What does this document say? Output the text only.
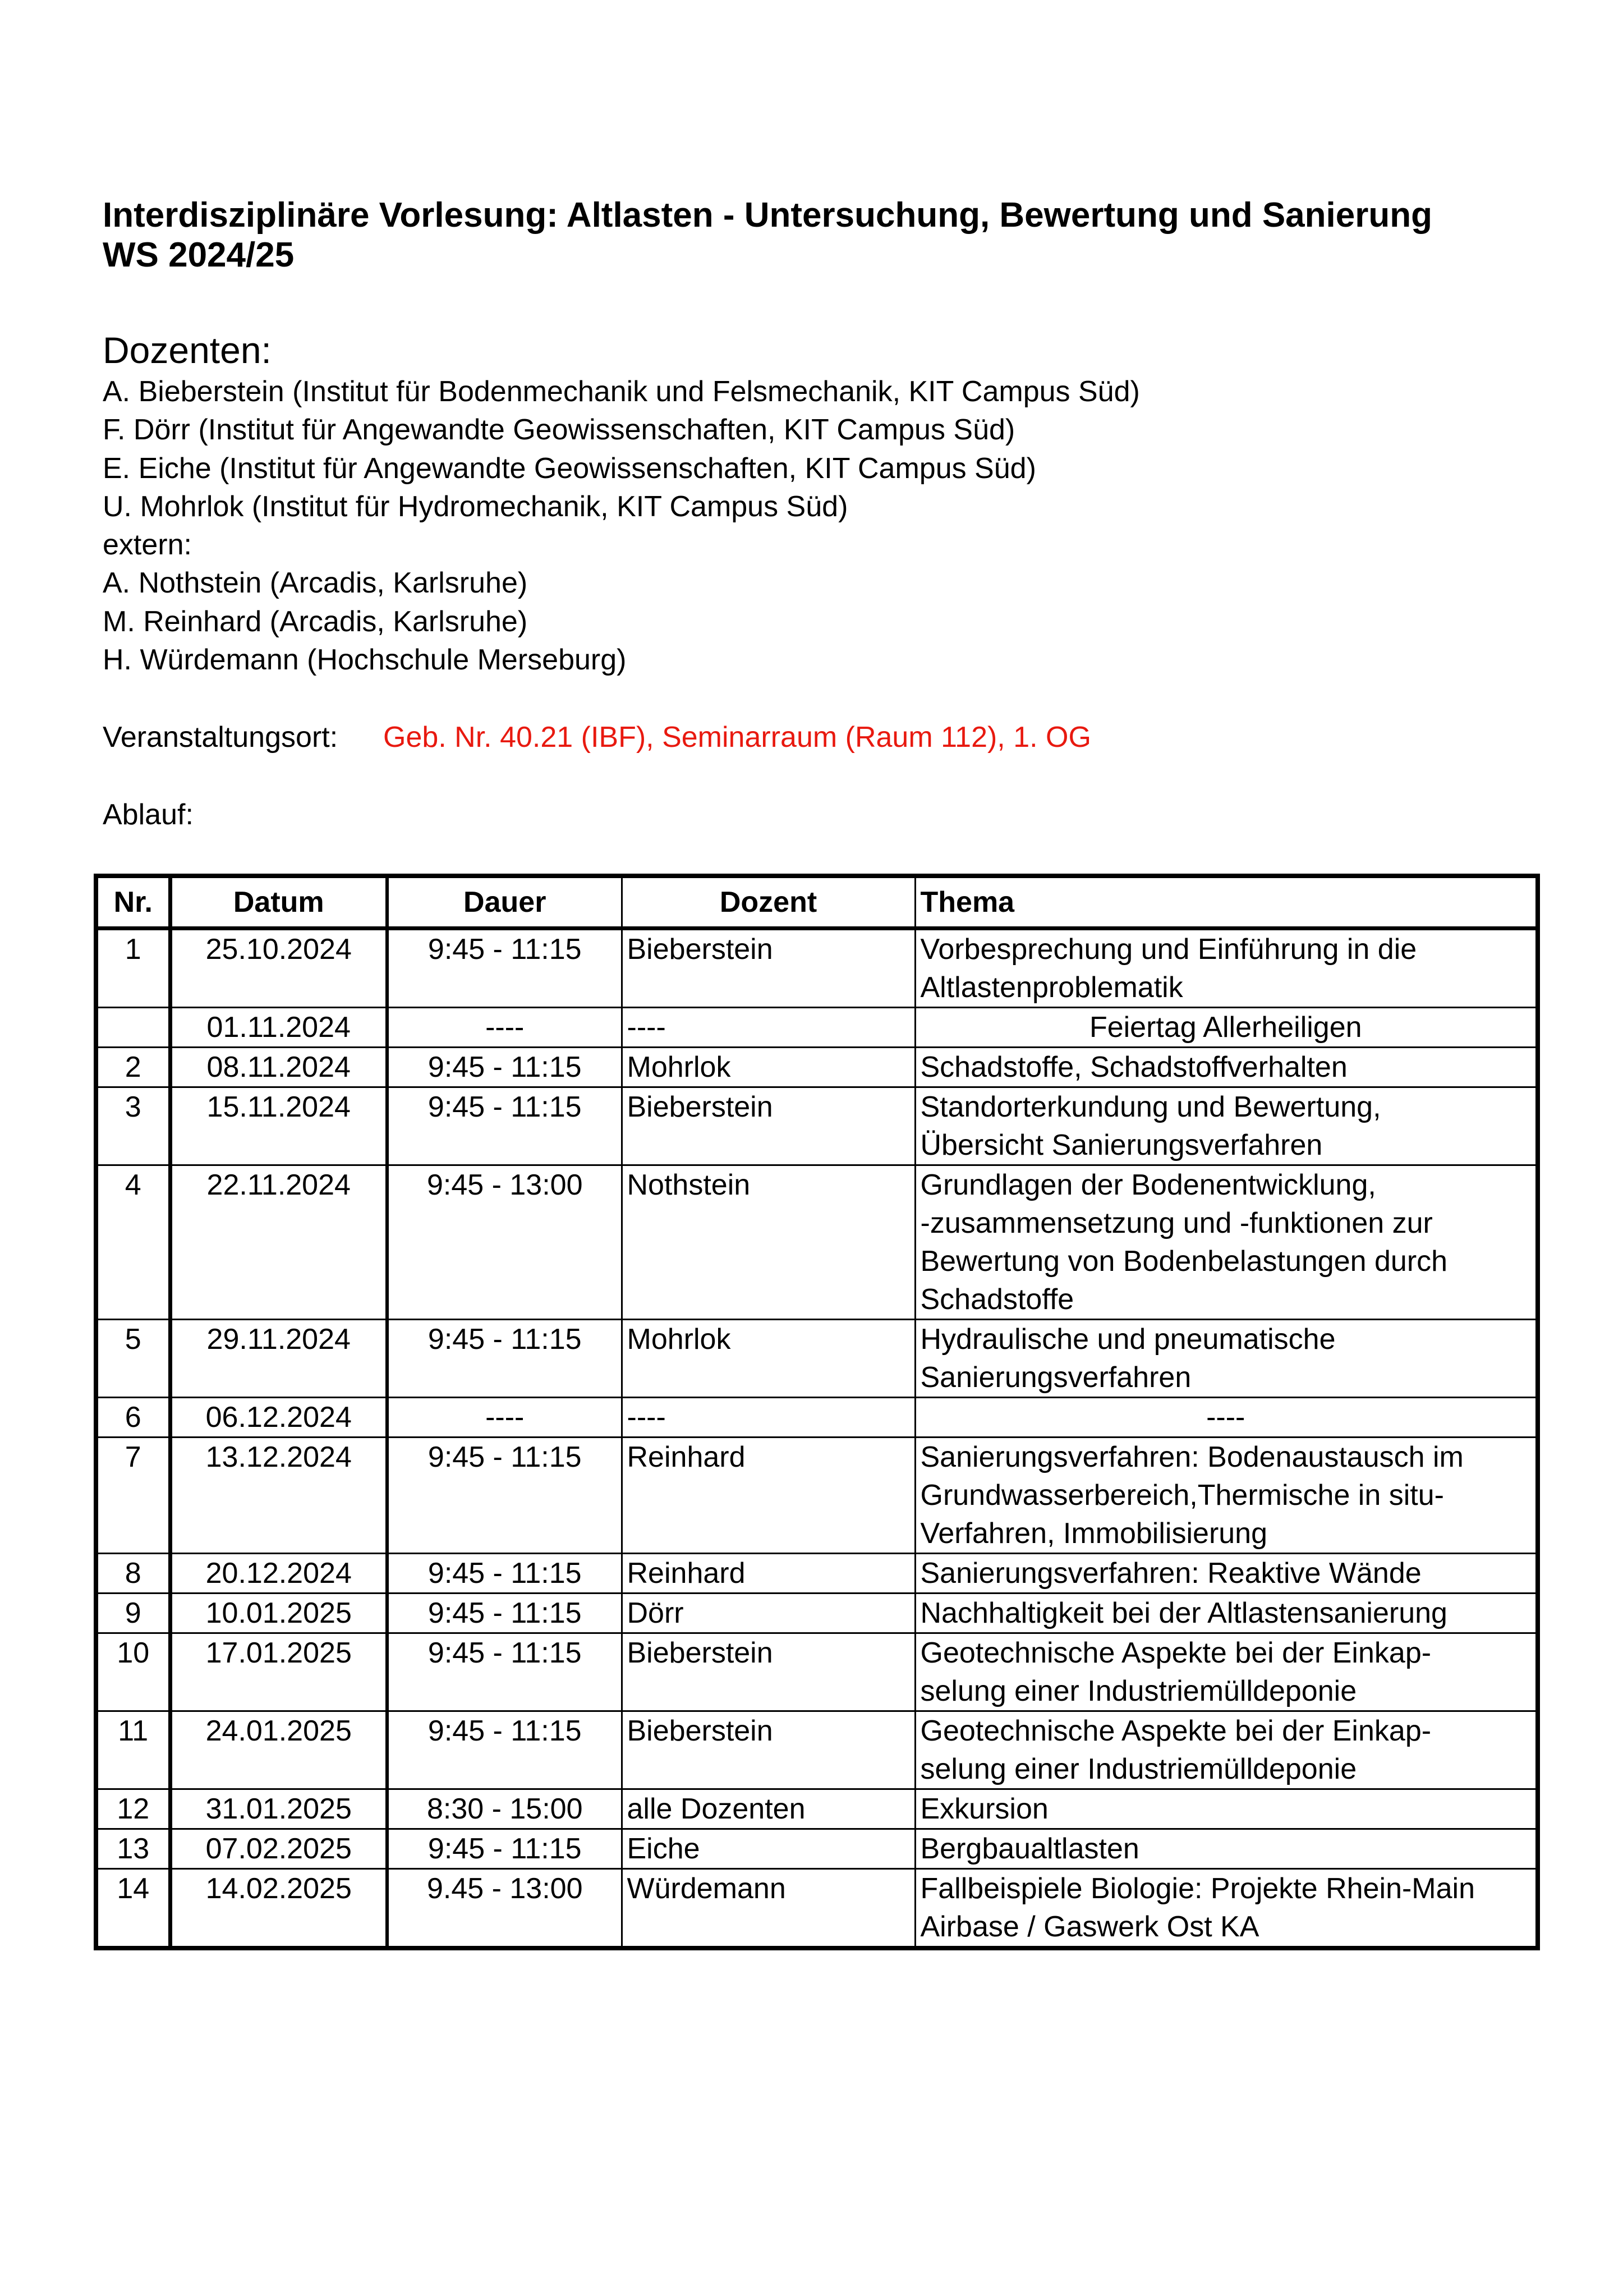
Interdisziplinäre Vorlesung: Altlasten - Untersuchung, Bewertung und Sanierung
WS 2024/25
Dozenten:
A. Bieberstein (Institut für Bodenmechanik und Felsmechanik, KIT Campus Süd)
F. Dörr (Institut für Angewandte Geowissenschaften, KIT Campus Süd)
E. Eiche (Institut für Angewandte Geowissenschaften, KIT Campus Süd)
U. Mohrlok (Institut für Hydromechanik, KIT Campus Süd)
extern:
A. Nothstein (Arcadis, Karlsruhe)
M. Reinhard (Arcadis, Karlsruhe)
H. Würdemann (Hochschule Merseburg)
Veranstaltungsort: Geb. Nr. 40.21 (IBF), Seminarraum (Raum 112), 1. OG
Ablauf:
Nr.	Datum	Dauer	Dozent	Thema
1	25.10.2024	9:45 - 11:15	Bieberstein	Vorbesprechung und Einführung in die
Altlastenproblematik

	01.11.2024	----	----	Feiertag Allerheiligen

2	08.11.2024	9:45 - 11:15	Mohrlok	Schadstoffe, Schadstoffverhalten

3	15.11.2024	9:45 - 11:15	Bieberstein	Standorterkundung und Bewertung,
Übersicht Sanierungsverfahren

4	22.11.2024	9:45 - 13:00	Nothstein	Grundlagen der Bodenentwicklung,
-zusammensetzung und -funktionen zur
Bewertung von Bodenbelastungen durch
Schadstoffe

5	29.11.2024	9:45 - 11:15	Mohrlok	Hydraulische und pneumatische
Sanierungsverfahren

6	06.12.2024	----	----	----

7	13.12.2024	9:45 - 11:15	Reinhard	Sanierungsverfahren: Bodenaustausch im
Grundwasserbereich,Thermische in situ-
Verfahren, Immobilisierung

8	20.12.2024	9:45 - 11:15	Reinhard	Sanierungsverfahren: Reaktive Wände

9	10.01.2025	9:45 - 11:15	Dörr	Nachhaltigkeit bei der Altlastensanierung

10	17.01.2025	9:45 - 11:15	Bieberstein	Geotechnische Aspekte bei der Einkap-
selung einer Industriemülldeponie

11	24.01.2025	9:45 - 11:15	Bieberstein	Geotechnische Aspekte bei der Einkap-
selung einer Industriemülldeponie

12	31.01.2025	8:30 - 15:00	alle Dozenten	Exkursion

13	07.02.2025	9:45 - 11:15	Eiche	Bergbaualtlasten

14	14.02.2025	9.45 - 13:00	Würdemann	Fallbeispiele Biologie: Projekte Rhein-Main
Airbase / Gaswerk Ost KA
